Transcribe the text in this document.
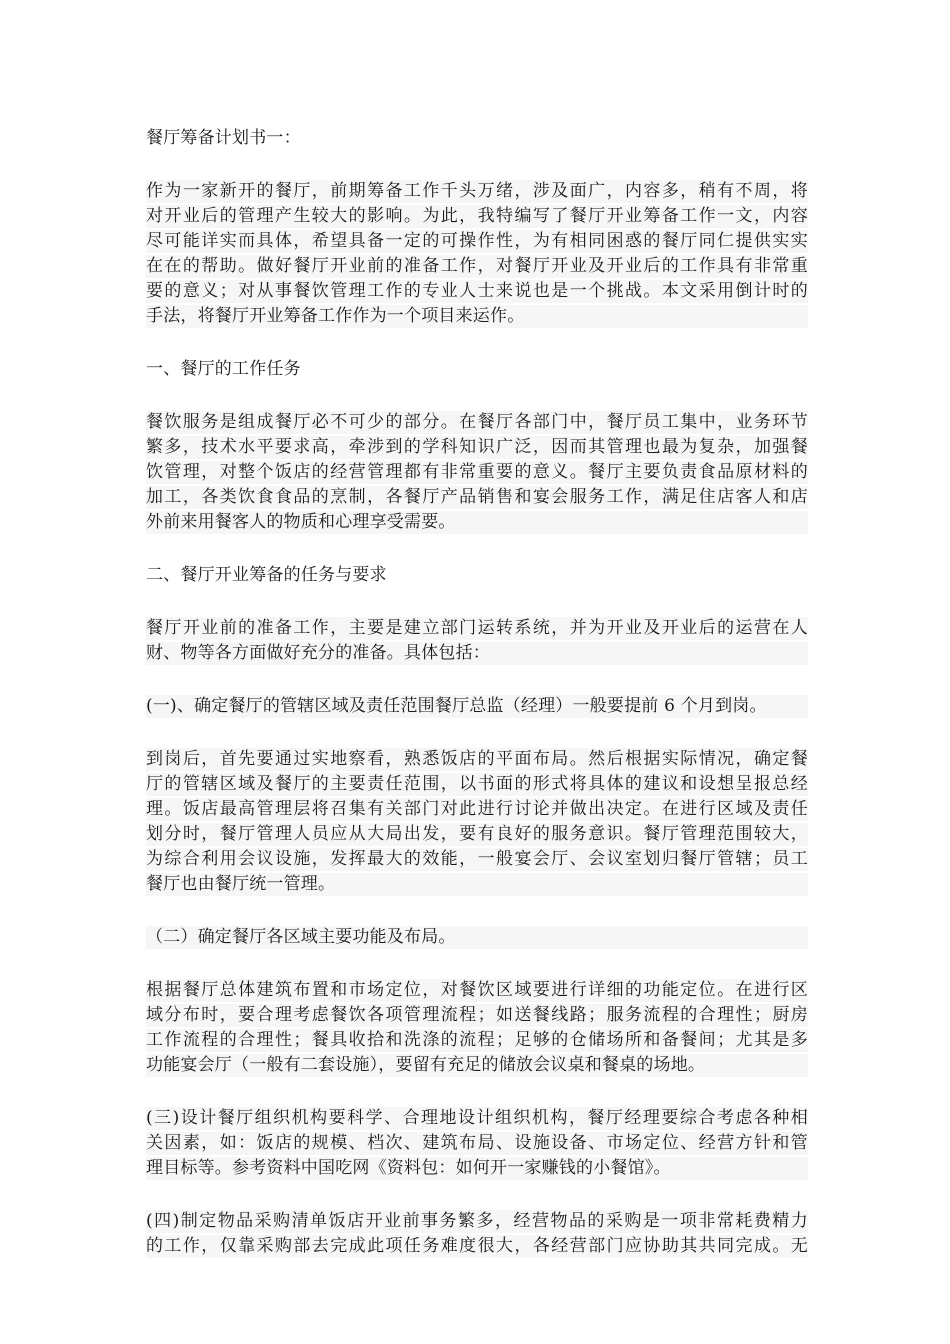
餐厅筹备计划书一：
作为一家新开的餐厅，前期筹备工作千头万绪，涉及面广，内容多，稍有不周，将
对开业后的管理产生较大的影响。为此，我特编写了餐厅开业筹备工作一文，内容
尽可能详实而具体，希望具备一定的可操作性，为有相同困惑的餐厅同仁提供实实
在在的帮助。做好餐厅开业前的准备工作，对餐厅开业及开业后的工作具有非常重
要的意义；对从事餐饮管理工作的专业人士来说也是一个挑战。本文采用倒计时的
手法，将餐厅开业筹备工作作为一个项目来运作。
一、餐厅的工作任务
餐饮服务是组成餐厅必不可少的部分。在餐厅各部门中，餐厅员工集中，业务环节
繁多，技术水平要求高，牵涉到的学科知识广泛，因而其管理也最为复杂，加强餐
饮管理，对整个饭店的经营管理都有非常重要的意义。餐厅主要负责食品原材料的
加工，各类饮食食品的烹制，各餐厅产品销售和宴会服务工作，满足住店客人和店
外前来用餐客人的物质和心理享受需要。
二、餐厅开业筹备的任务与要求
餐厅开业前的准备工作，主要是建立部门运转系统，并为开业及开业后的运营在人
财、物等各方面做好充分的准备。具体包括：
(一)、确定餐厅的管辖区域及责任范围餐厅总监（经理）一般要提前 6 个月到岗。
到岗后，首先要通过实地察看，熟悉饭店的平面布局。然后根据实际情况，确定餐
厅的管辖区域及餐厅的主要责任范围，以书面的形式将具体的建议和设想呈报总经
理。饭店最高管理层将召集有关部门对此进行讨论并做出决定。在进行区域及责任
划分时，餐厅管理人员应从大局出发，要有良好的服务意识。餐厅管理范围较大，
为综合利用会议设施，发挥最大的效能，一般宴会厅、会议室划归餐厅管辖；员工
餐厅也由餐厅统一管理。
（二）确定餐厅各区域主要功能及布局。
根据餐厅总体建筑布置和市场定位，对餐饮区域要进行详细的功能定位。在进行区
域分布时，要合理考虑餐饮各项管理流程；如送餐线路；服务流程的合理性；厨房
工作流程的合理性；餐具收拾和洗涤的流程；足够的仓储场所和备餐间；尤其是多
功能宴会厅（一般有二套设施），要留有充足的储放会议桌和餐桌的场地。
(三)设计餐厅组织机构要科学、合理地设计组织机构，餐厅经理要综合考虑各种相
关因素，如：饭店的规模、档次、建筑布局、设施设备、市场定位、经营方针和管
理目标等。参考资料中国吃网《资料包：如何开一家赚钱的小餐馆》。
(四)制定物品采购清单饭店开业前事务繁多，经营物品的采购是一项非常耗费精力
的工作，仅靠采购部去完成此项任务难度很大，各经营部门应协助其共同完成。无
